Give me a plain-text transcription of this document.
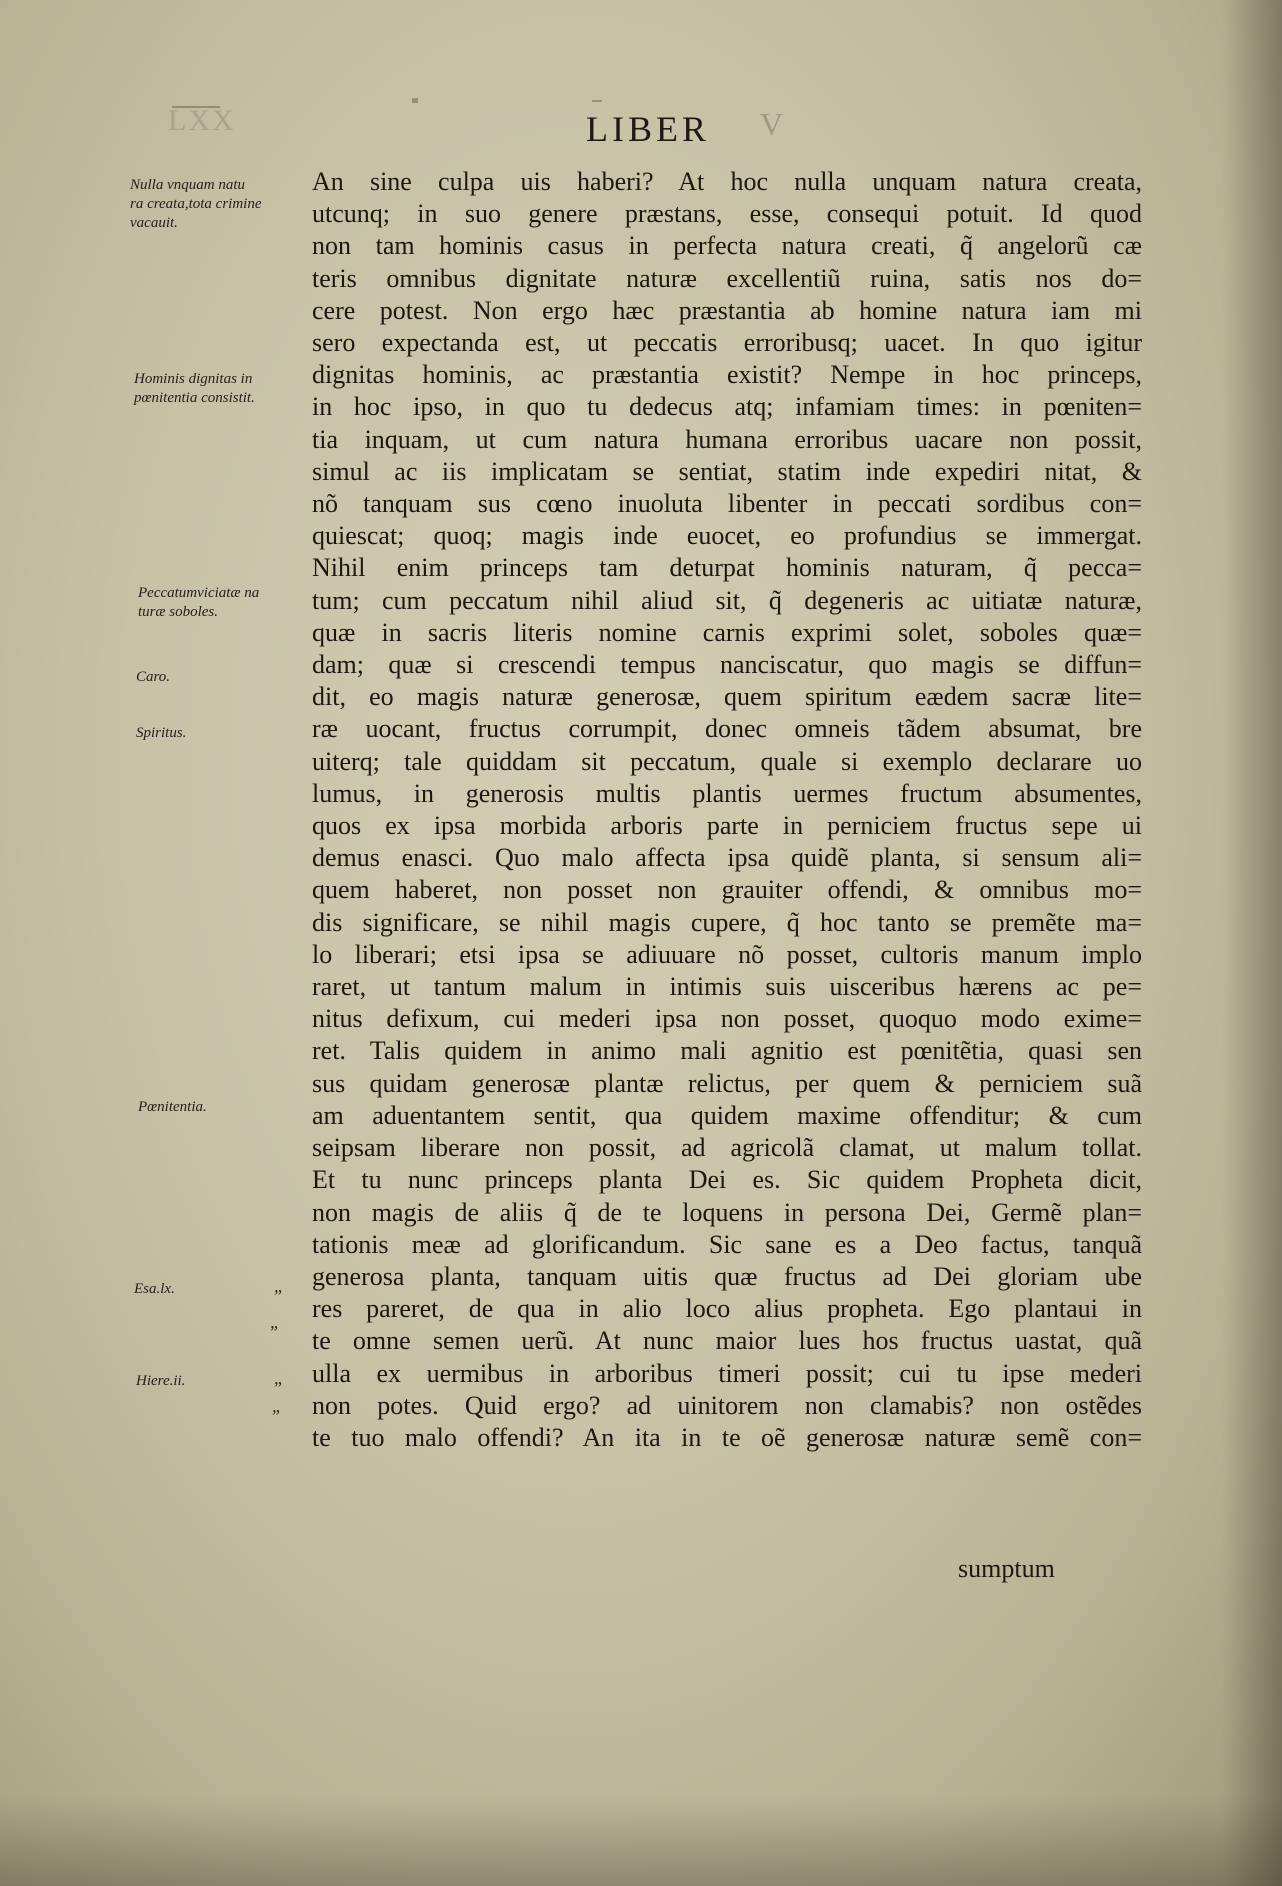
LXX	LIBER V
Nulla vnquam natu
ra creata,tota crimine
vacauit.
Hominis dignitas in
pœnitentia consistit.
Peccatumviciatæ na
turæ soboles.
Caro.
Spiritus.
Pœnitentia.
Esa.lx.
Hiere.ii.
„
„
„
„
An sine culpa uis haberi? At hoc nulla unquam natura creata,
utcunq; in suo genere præstans, esse, consequi potuit. Id quod
non tam hominis casus in perfecta natura creati, q̃ angelorũ cæ
teris omnibus dignitate naturæ excellentiũ ruina, satis nos do=
cere potest. Non ergo hæc præstantia ab homine natura iam mi
sero expectanda est, ut peccatis erroribusq; uacet. In quo igitur
dignitas hominis, ac præstantia existit? Nempe in hoc princeps,
in hoc ipso, in quo tu dedecus atq; infamiam times: in pœniten=
tia inquam, ut cum natura humana erroribus uacare non possit,
simul ac iis implicatam se sentiat, statim inde expediri nitat, &
nõ tanquam sus cœno inuoluta libenter in peccati sordibus con=
quiescat; quoq; magis inde euocet, eo profundius se immergat.
Nihil enim princeps tam deturpat hominis naturam, q̃ pecca=
tum; cum peccatum nihil aliud sit, q̃ degeneris ac uitiatæ naturæ,
quæ in sacris literis nomine carnis exprimi solet, soboles quæ=
dam; quæ si crescendi tempus nanciscatur, quo magis se diffun=
dit, eo magis naturæ generosæ, quem spiritum eædem sacræ lite=
ræ uocant, fructus corrumpit, donec omneis tãdem absumat, bre
uiterq; tale quiddam sit peccatum, quale si exemplo declarare uo
lumus, in generosis multis plantis uermes fructum absumentes,
quos ex ipsa morbida arboris parte in perniciem fructus sepe ui
demus enasci. Quo malo affecta ipsa quidẽ planta, si sensum ali=
quem haberet, non posset non grauiter offendi, & omnibus mo=
dis significare, se nihil magis cupere, q̃ hoc tanto se premẽte ma=
lo liberari; etsi ipsa se adiuuare nõ posset, cultoris manum implo
raret, ut tantum malum in intimis suis uisceribus hærens ac pe=
nitus defixum, cui mederi ipsa non posset, quoquo modo exime=
ret. Talis quidem in animo mali agnitio est pœnitẽtia, quasi sen
sus quidam generosæ plantæ relictus, per quem & perniciem suã
am aduentantem sentit, qua quidem maxime offenditur; & cum
seipsam liberare non possit, ad agricolã clamat, ut malum tollat.
Et tu nunc princeps planta Dei es. Sic quidem Propheta dicit,
non magis de aliis q̃ de te loquens in persona Dei, Germẽ plan=
tationis meæ ad glorificandum. Sic sane es a Deo factus, tanquã
generosa planta, tanquam uitis quæ fructus ad Dei gloriam ube
res pareret, de qua in alio loco alius propheta. Ego plantaui in
te omne semen uerũ. At nunc maior lues hos fructus uastat, quã
ulla ex uermibus in arboribus timeri possit; cui tu ipse mederi
non potes. Quid ergo? ad uinitorem non clamabis? non ostẽdes
te tuo malo offendi? An ita in te oẽ generosæ naturæ semẽ con=
sumptum
